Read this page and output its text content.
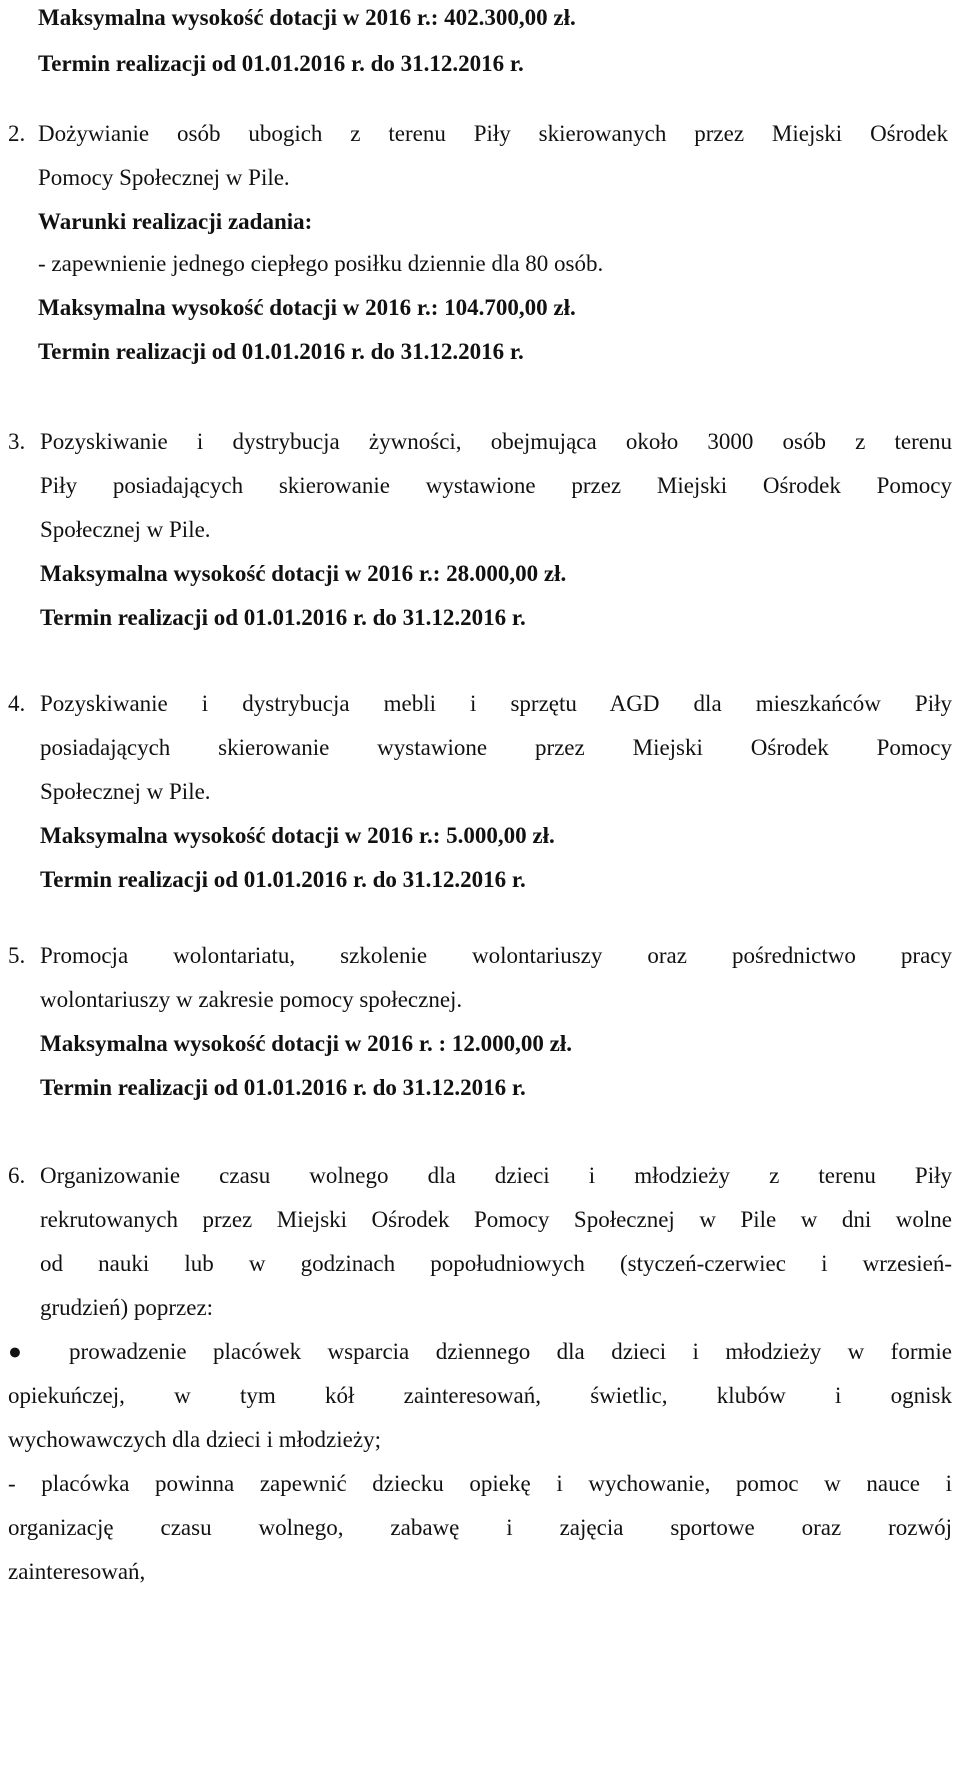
Maksymalna wysokość dotacji w 2016 r.: 402.300,00 zł.
Termin realizacji od 01.01.2016 r. do 31.12.2016 r.
2. Dożywianie osób ubogich z terenu Piły skierowanych przez Miejski Ośrodek
Pomocy Społecznej w Pile.
Warunki realizacji zadania:
- zapewnienie jednego ciepłego posiłku dziennie dla 80 osób.
Maksymalna wysokość dotacji w 2016 r.: 104.700,00 zł.
Termin realizacji od 01.01.2016 r. do 31.12.2016 r.
3. Pozyskiwanie i dystrybucja żywności, obejmująca około 3000 osób z terenu
Piły posiadających skierowanie wystawione przez Miejski Ośrodek Pomocy
Społecznej w Pile.
Maksymalna wysokość dotacji w 2016 r.: 28.000,00 zł.
Termin realizacji od 01.01.2016 r. do 31.12.2016 r.
4. Pozyskiwanie i dystrybucja mebli i sprzętu AGD dla mieszkańców Piły
posiadających skierowanie wystawione przez Miejski Ośrodek Pomocy
Społecznej w Pile.
Maksymalna wysokość dotacji w 2016 r.: 5.000,00 zł.
Termin realizacji od 01.01.2016 r. do 31.12.2016 r.
5. Promocja wolontariatu, szkolenie wolontariuszy oraz pośrednictwo pracy
wolontariuszy w zakresie pomocy społecznej.
Maksymalna wysokość dotacji w 2016 r. : 12.000,00 zł.
Termin realizacji od 01.01.2016 r. do 31.12.2016 r.
6. Organizowanie czasu wolnego dla dzieci i młodzieży z terenu Piły
rekrutowanych przez Miejski Ośrodek Pomocy Społecznej w Pile w dni wolne
od nauki lub w godzinach popołudniowych (styczeń-czerwiec i wrzesień-
grudzień) poprzez:
● prowadzenie placówek wsparcia dziennego dla dzieci i młodzieży w formie
opiekuńczej, w tym kół zainteresowań, świetlic, klubów i ognisk
wychowawczych dla dzieci i młodzieży;
- placówka powinna zapewnić dziecku opiekę i wychowanie, pomoc w nauce i
organizację czasu wolnego, zabawę i zajęcia sportowe oraz rozwój
zainteresowań,
